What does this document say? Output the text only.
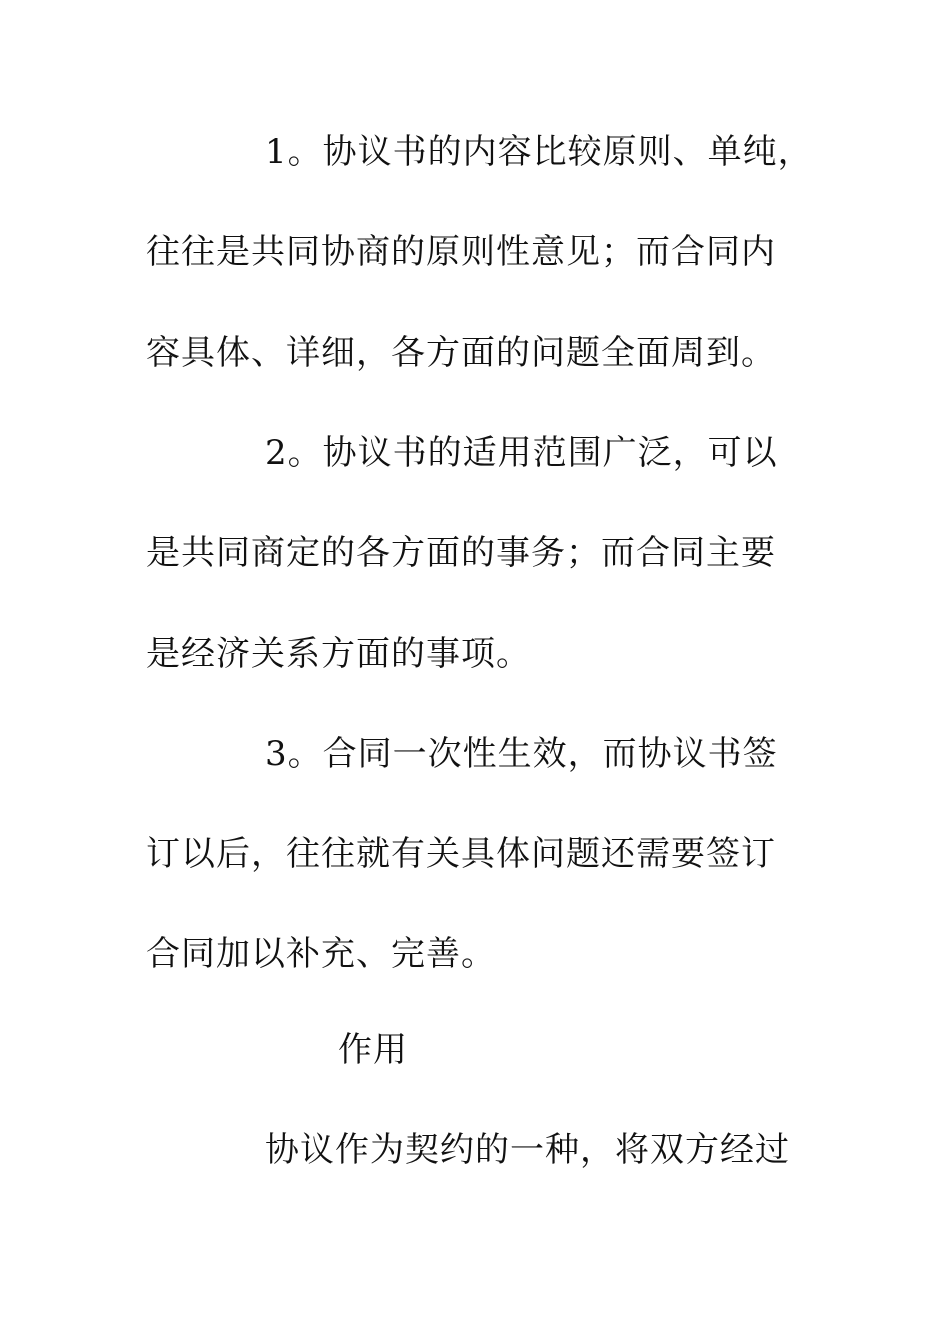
1。协议书的内容比较原则、单纯，
往往是共同协商的原则性意见；而合同内
容具体、详细，各方面的问题全面周到。
2。协议书的适用范围广泛，可以
是共同商定的各方面的事务；而合同主要
是经济关系方面的事项。
3。合同一次性生效，而协议书签
订以后，往往就有关具体问题还需要签订
合同加以补充、完善。
作用
协议作为契约的一种，将双方经过
